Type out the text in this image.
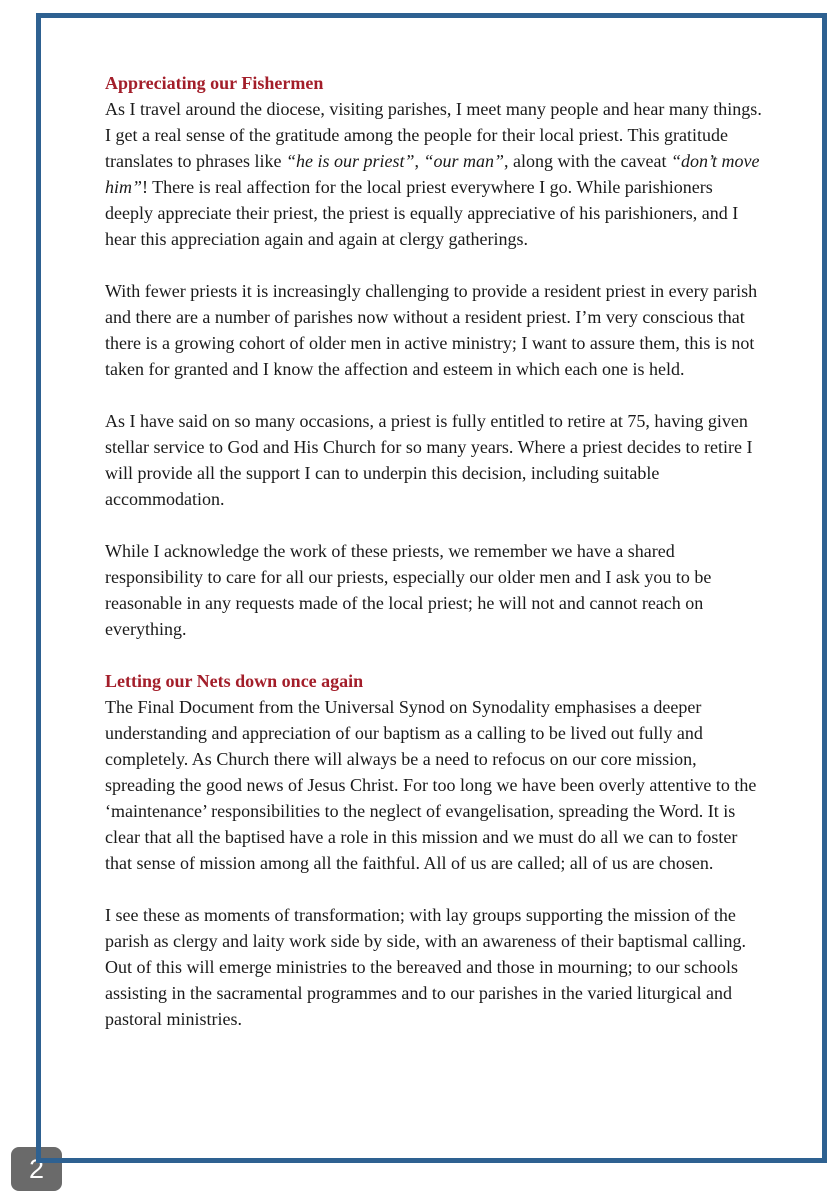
Appreciating our Fishermen

As I travel around the diocese, visiting parishes, I meet many people and hear many things. I get a real sense of the gratitude among the people for their local priest. This gratitude translates to phrases like “he is our priest”, “our man”, along with the caveat “don’t move him”! There is real affection for the local priest everywhere I go. While parishioners deeply appreciate their priest, the priest is equally appreciative of his parishioners, and I hear this appreciation again and again at clergy gatherings.

With fewer priests it is increasingly challenging to provide a resident priest in every parish and there are a number of parishes now without a resident priest. I’m very conscious that there is a growing cohort of older men in active ministry; I want to assure them, this is not taken for granted and I know the affection and esteem in which each one is held.

As I have said on so many occasions, a priest is fully entitled to retire at 75, having given stellar service to God and His Church for so many years. Where a priest decides to retire I will provide all the support I can to underpin this decision, including suitable accommodation.

While I acknowledge the work of these priests, we remember we have a shared responsibility to care for all our priests, especially our older men and I ask you to be reasonable in any requests made of the local priest; he will not and cannot reach on everything.

Letting our Nets down once again

The Final Document from the Universal Synod on Synodality emphasises a deeper understanding and appreciation of our baptism as a calling to be lived out fully and completely. As Church there will always be a need to refocus on our core mission, spreading the good news of Jesus Christ. For too long we have been overly attentive to the ‘maintenance’ responsibilities to the neglect of evangelisation, spreading the Word. It is clear that all the baptised have a role in this mission and we must do all we can to foster that sense of mission among all the faithful. All of us are called; all of us are chosen.

I see these as moments of transformation; with lay groups supporting the mission of the parish as clergy and laity work side by side, with an awareness of their baptismal calling. Out of this will emerge ministries to the bereaved and those in mourning; to our schools assisting in the sacramental programmes and to our parishes in the varied liturgical and pastoral ministries.

2
